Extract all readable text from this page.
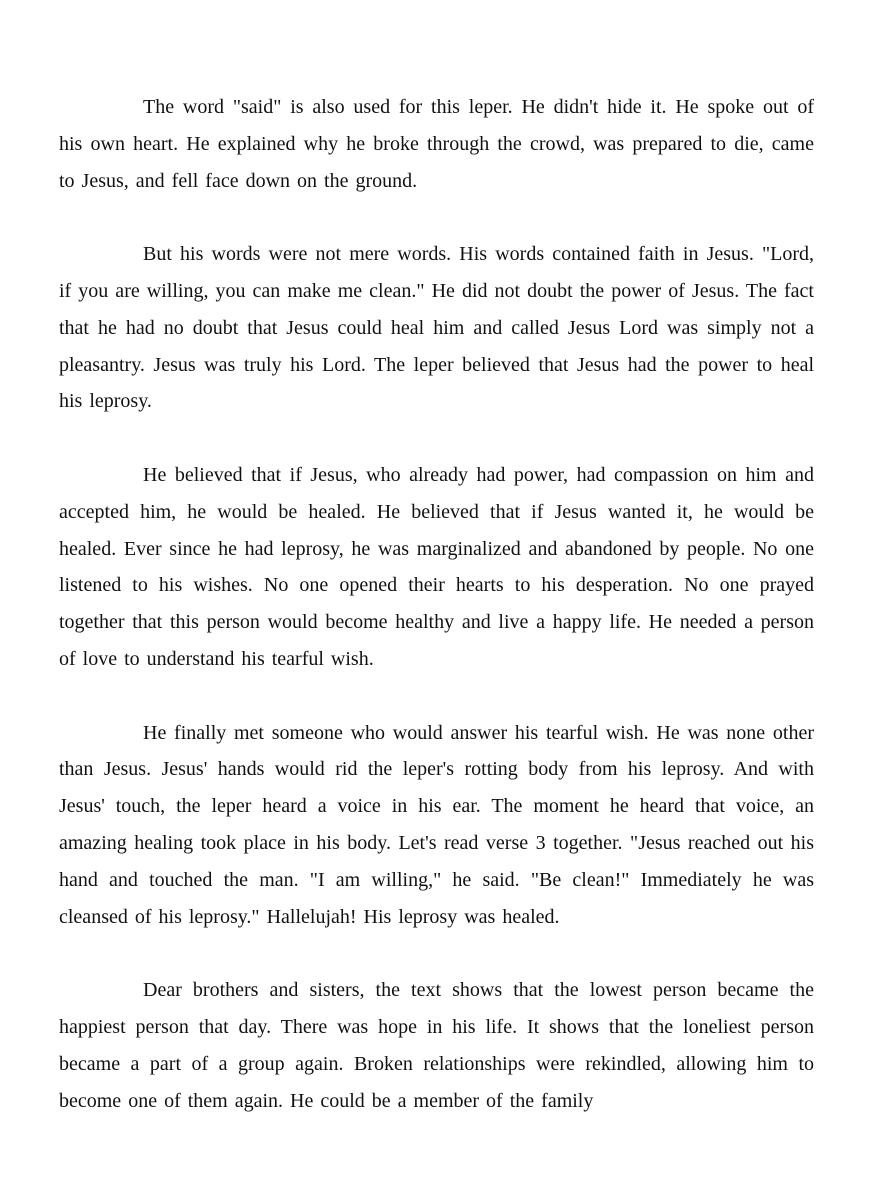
The word "said" is also used for this leper. He didn't hide it. He spoke out of his own heart. He explained why he broke through the crowd, was prepared to die, came to Jesus, and fell face down on the ground.

But his words were not mere words. His words contained faith in Jesus. "Lord, if you are willing, you can make me clean." He did not doubt the power of Jesus. The fact that he had no doubt that Jesus could heal him and called Jesus Lord was simply not a pleasantry. Jesus was truly his Lord. The leper believed that Jesus had the power to heal his leprosy.

He believed that if Jesus, who already had power, had compassion on him and accepted him, he would be healed. He believed that if Jesus wanted it, he would be healed. Ever since he had leprosy, he was marginalized and abandoned by people. No one listened to his wishes. No one opened their hearts to his desperation. No one prayed together that this person would become healthy and live a happy life. He needed a person of love to understand his tearful wish.

He finally met someone who would answer his tearful wish. He was none other than Jesus. Jesus' hands would rid the leper's rotting body from his leprosy. And with Jesus' touch, the leper heard a voice in his ear. The moment he heard that voice, an amazing healing took place in his body. Let's read verse 3 together. "Jesus reached out his hand and touched the man. "I am willing," he said. "Be clean!" Immediately he was cleansed of his leprosy." Hallelujah! His leprosy was healed.

Dear brothers and sisters, the text shows that the lowest person became the happiest person that day. There was hope in his life. It shows that the loneliest person became a part of a group again. Broken relationships were rekindled, allowing him to become one of them again. He could be a member of the family
